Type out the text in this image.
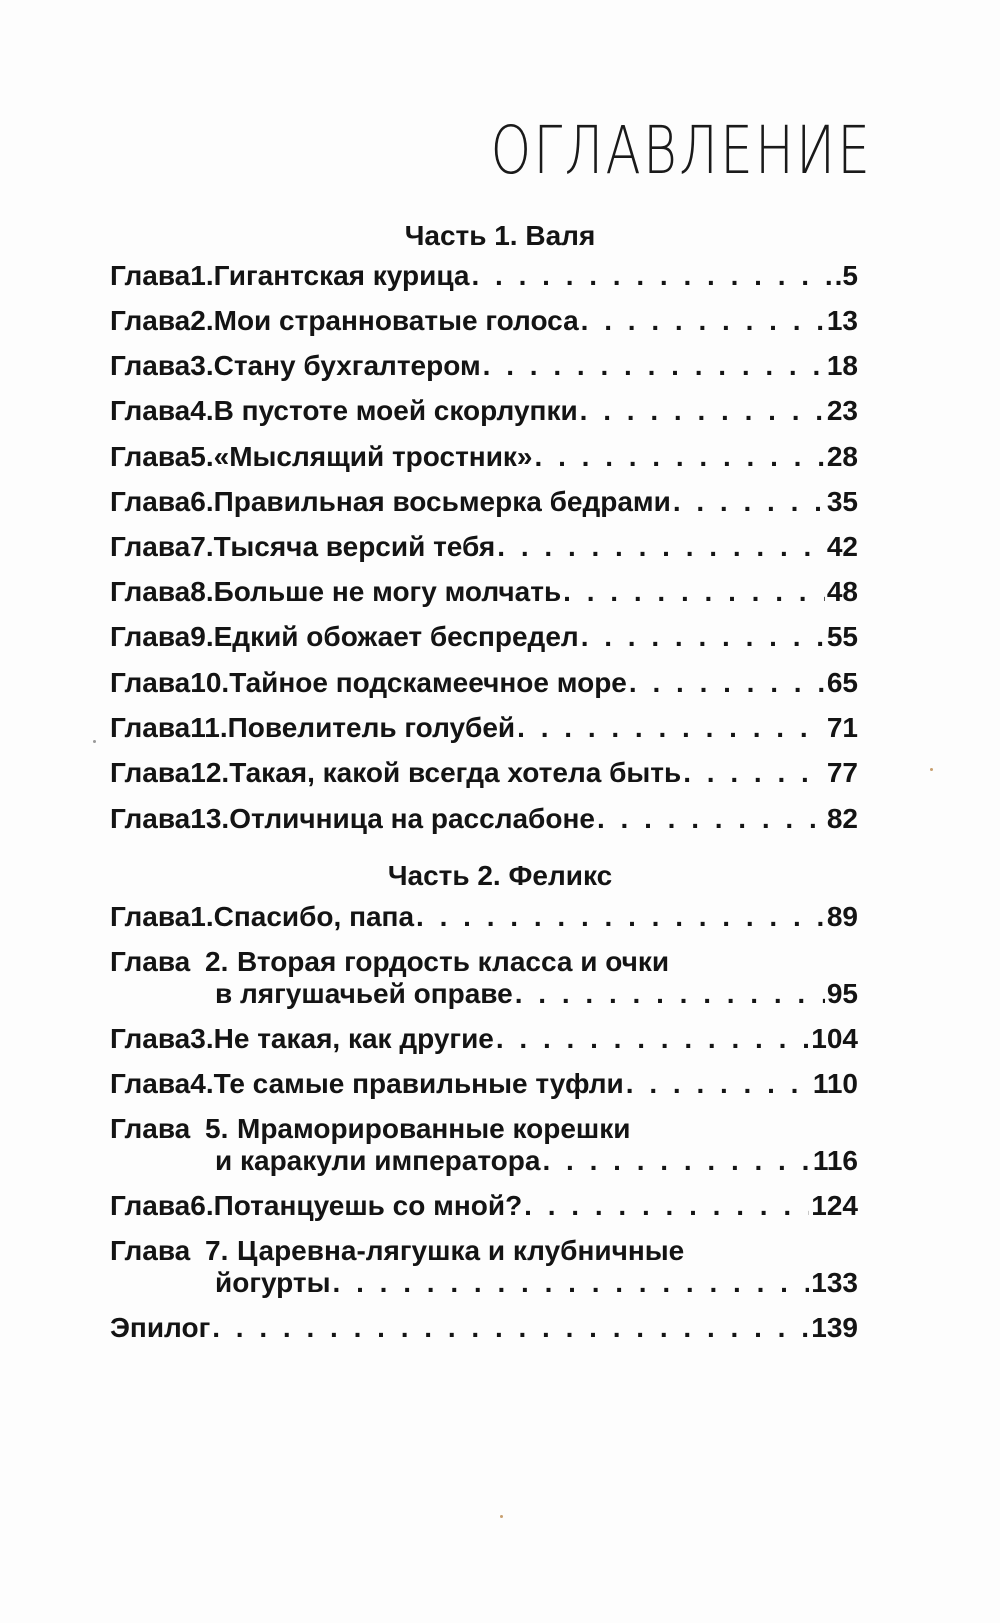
ОГЛАВЛЕНИЕ
Часть 1. Валя
Глава 1. Гигантская курица . . .	.5
Глава 2. Мои странноватые голоса . . .	13
Глава 3. Стану бухгалтером . . .	18
Глава 4. В пустоте моей скорлупки . . .	23
Глава 5. «Мыслящий тростник» . . .	28
Глава 6. Правильная восьмерка бедрами . . .	35
Глава 7. Тысяча версий тебя . . .	42
Глава 8. Больше не могу молчать . . .	48
Глава 9. Едкий обожает беспредел . . .	55
Глава 10. Тайное подскамеечное море . . .	65
Глава 11. Повелитель голубей . . .	71
Глава 12. Такая, какой всегда хотела быть . . .	77
Глава 13. Отличница на расслабоне . . .	82
Часть 2. Феликс
Глава 1. Спасибо, папа . . .	89
Глава 2. Вторая гордость класса и очки
в лягушачьей оправе . . .	95
Глава 3. Не такая, как другие . . .	104
Глава 4. Те самые правильные туфли . . .	110
Глава 5. Мраморированные корешки
и каракули императора . . .	116
Глава 6. Потанцуешь со мной? . . .	124
Глава 7. Царевна-лягушка и клубничные
йогурты . . .	133
Эпилог . . .	139
